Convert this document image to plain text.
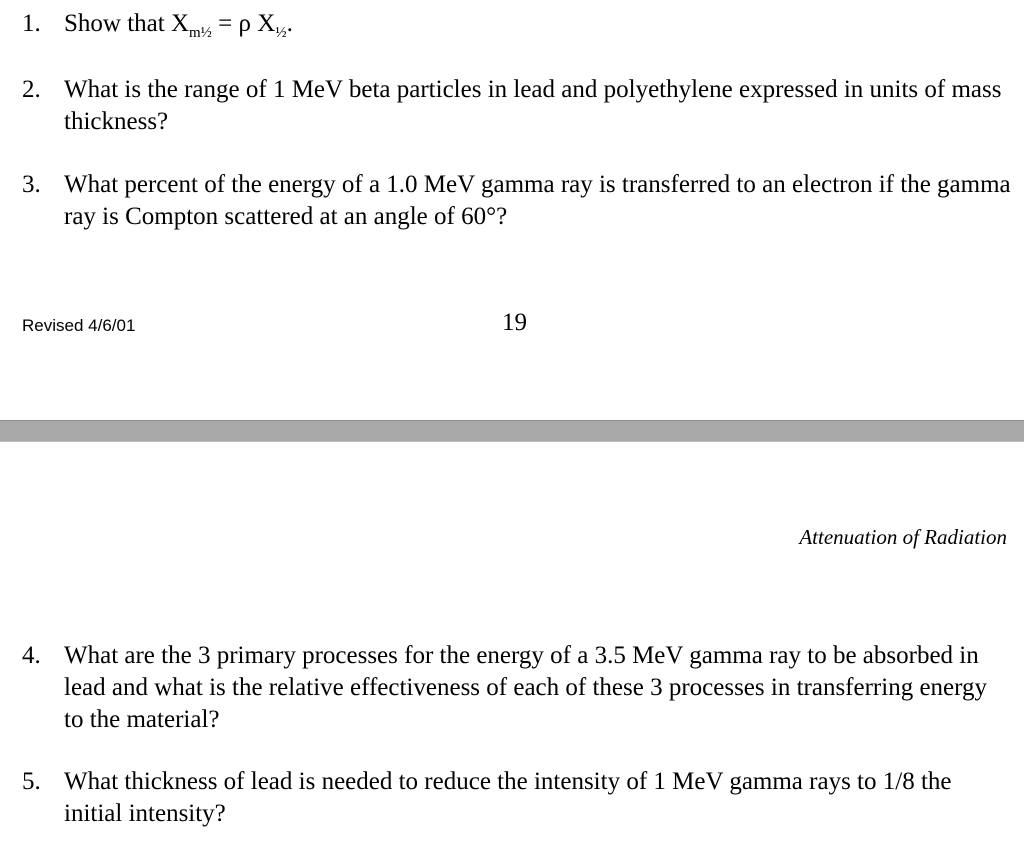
1. Show that $X_{m\frac{1}{2}} = \rho$ $X_{\frac{1}{2}}$.
2. What is the range of 1 MeV beta particles in lead and polyethylene expressed in units of mass thickness?
3. What percent of the energy of a 1.0 MeV gamma ray is transferred to an electron if the gamma ray is Compton scattered at an angle of 60°?
Revised 4/6/01	19
Attenuation of Radiation
4. What are the 3 primary processes for the energy of a 3.5 MeV gamma ray to be absorbed in lead and what is the relative effectiveness of each of these 3 processes in transferring energy to the material?
5. What thickness of lead is needed to reduce the intensity of 1 MeV gamma rays to 1/8 the initial intensity?
